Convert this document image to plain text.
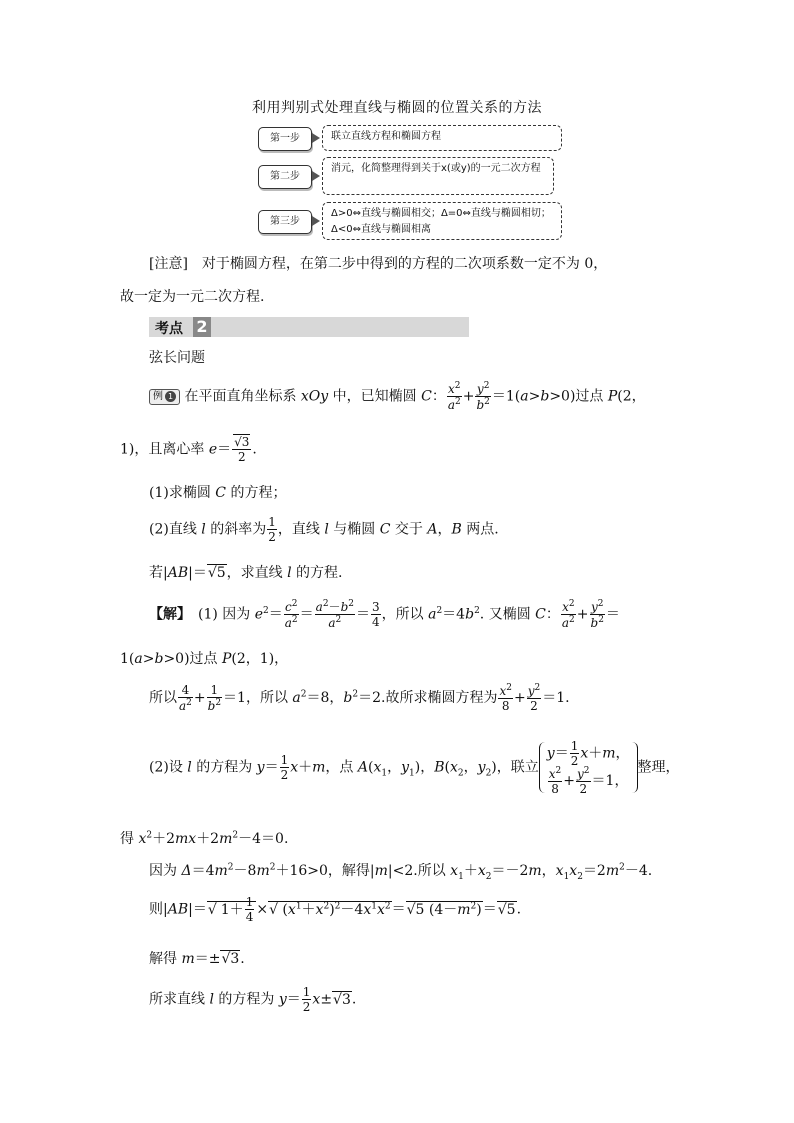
利用判别式处理直线与椭圆的位置关系的方法
第一步	联立直线方程和椭圆方程
第二步
消元，化简整理得到关于x(或y)的一元二次方程
第三步
Δ>0⇔直线与椭圆相交；Δ=0⇔直线与椭圆相切；Δ<0⇔直线与椭圆相离
[注意]　对于椭圆方程，在第二步中得到的方程的二次项系数一定不为 0，
故一定为一元二次方程.
考点 2
弦长问题
例 1 在平面直角坐标系 xOy 中，已知椭圆 C： $\frac{x^2}{a^2} + \frac{y^2}{b^2} =1(a>b>0)$过点 P(2，
1)，且离心率 $e= \frac{√3}{2}$ .
(1)求椭圆 C 的方程；
(2)直线 l 的斜率为 $\frac{1}{2}$ ，直线 l 与椭圆 C 交于 A，B 两点.
若|AB|＝√5，求直线 l 的方程.
【解】　(1) 因为 $e^2= \frac{c^2}{a^2} = \frac{a^2-b^2}{a^2} = \frac{3}{4}$ ，所以 $a^2=4b^2$. 又椭圆 C： $\frac{x^2}{a^2} + \frac{y^2}{b^2}$ ＝
1(a>b>0)过点 P(2，1)，
所以 $\frac{4}{a^2} + \frac{1}{b^2} =1$，所以 $a^2=8$，$b^2=2$.故所求椭圆方程为 $\frac{x^2}{8} + \frac{y^2}{2} =1$.
(2)设 l 的方程为 $y= \frac{1}{2} x+m$，点 $A(x_1$，$y_1$)，$B(x_2$，$y_2$)，联立
$y= \frac{1}{2} x+m$，
$\frac{x^2}{8} + \frac{y^2}{2} =1$，
整理，
得 $x^2+2mx+2m^2-4=0$.
因为 $\Delta=4m^2-8m^2+16>0$，解得|m|<2.所以 $x_1+x_2=-2m$，$x_1x_2=2m^2-4$.
则|AB|＝√ $1+ \frac{1}{4}$ ×√ $(x^1+x^2)^2-4x^1x^2=√5$ $(4-m^2)=√5$.
解得 m＝±√3.
所求直线 l 的方程为 $y= \frac{1}{2} x\pm√3$.
